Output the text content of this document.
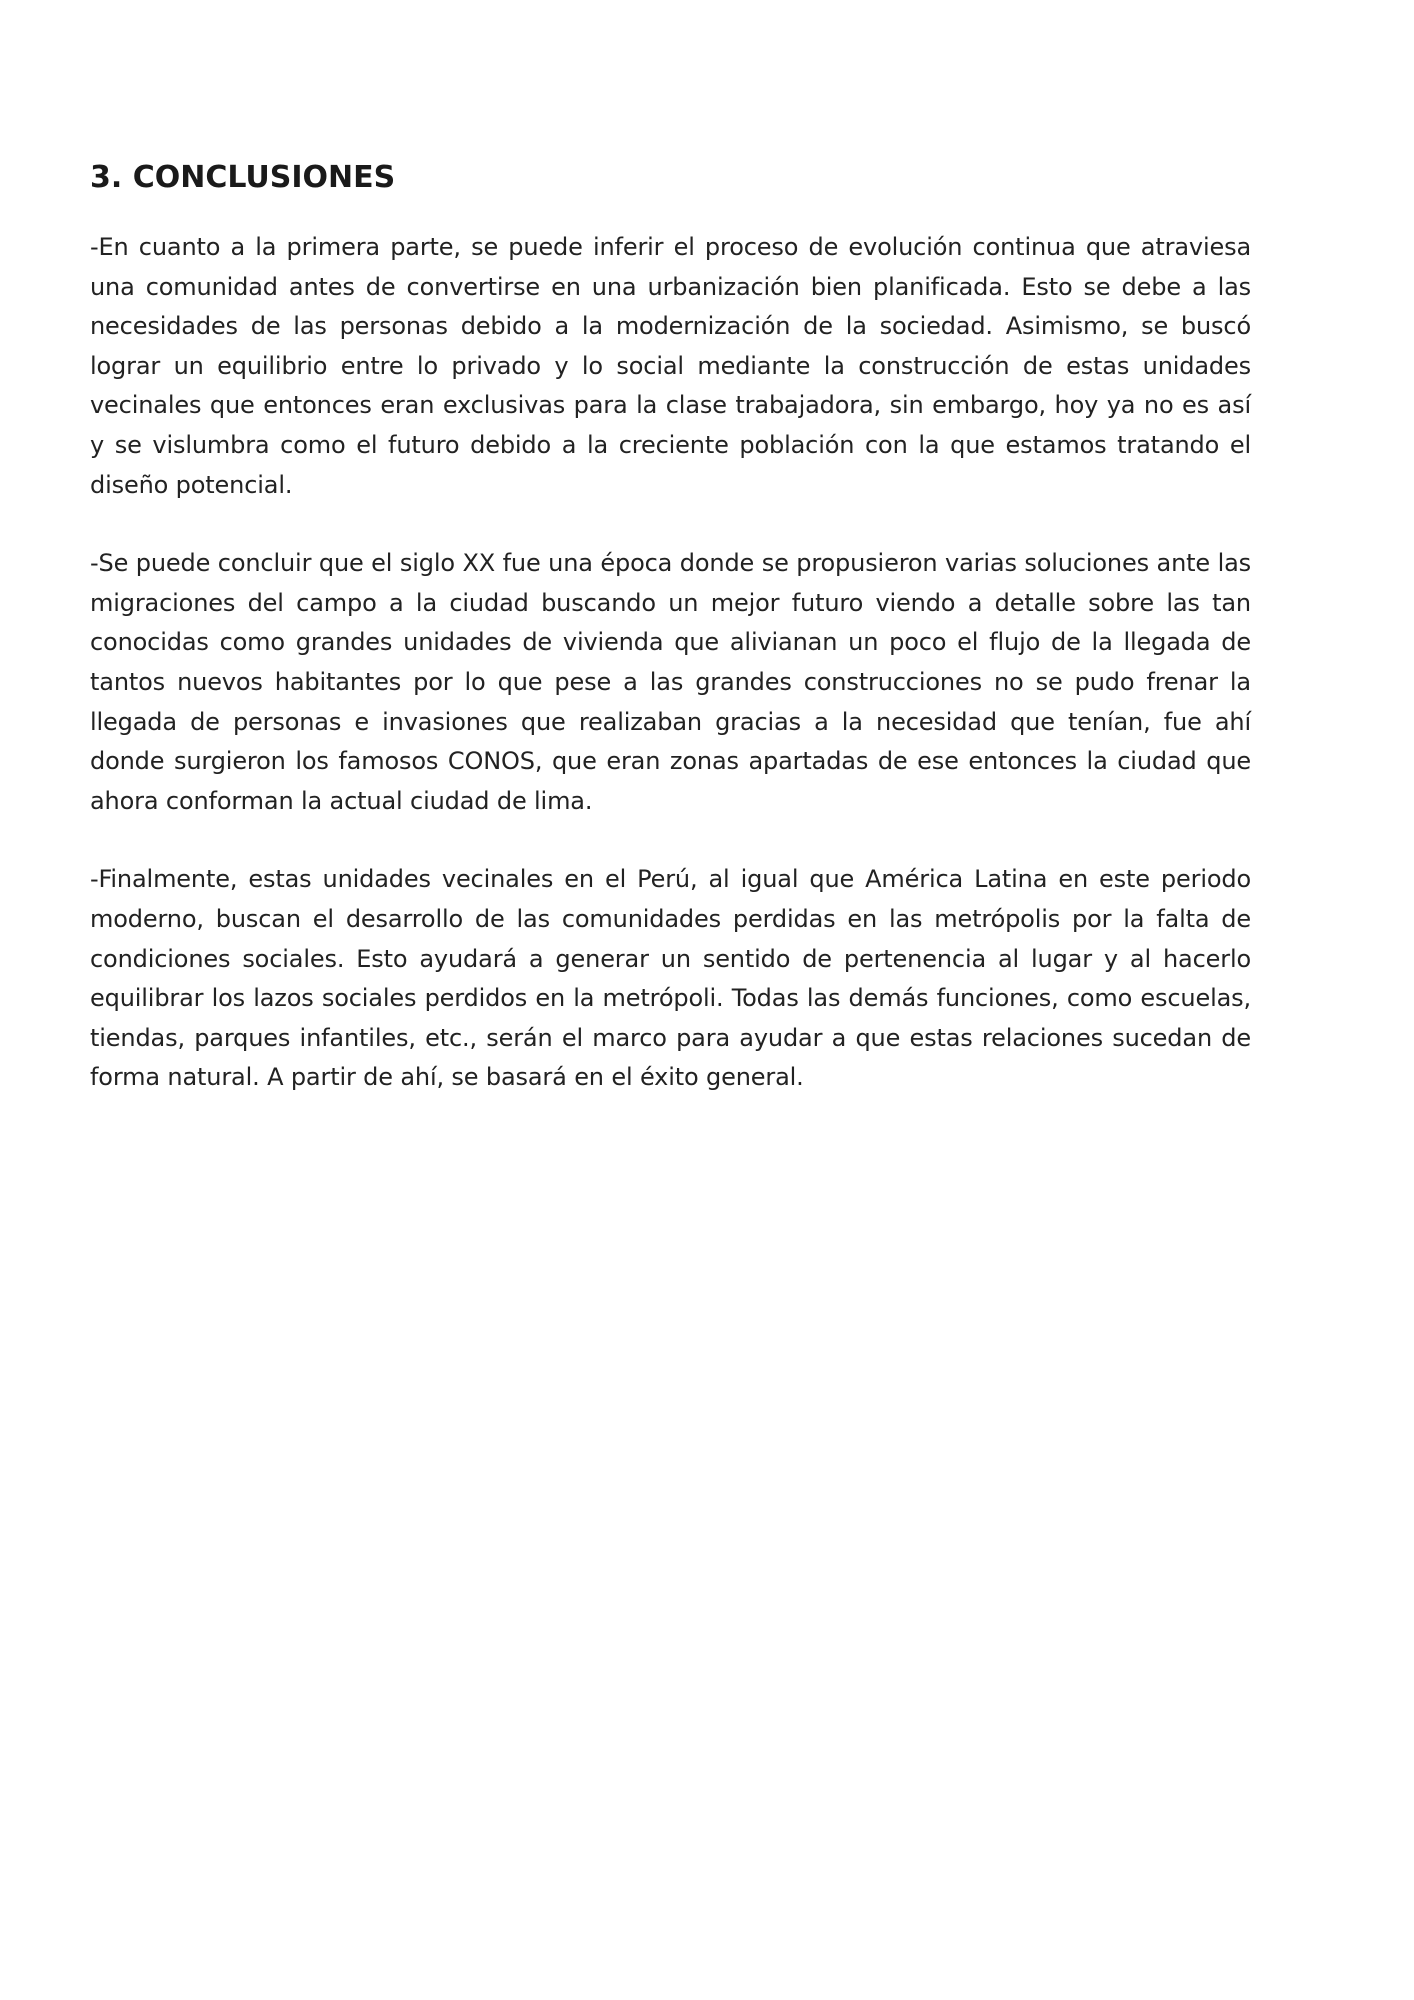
3. CONCLUSIONES

-En cuanto a la primera parte, se puede inferir el proceso de evolución continua que atraviesa una comunidad antes de convertirse en una urbanización bien planificada. Esto se debe a las necesidades de las personas debido a la modernización de la sociedad. Asimismo, se buscó lograr un equilibrio entre lo privado y lo social mediante la construcción de estas unidades vecinales que entonces eran exclusivas para la clase trabajadora, sin embargo, hoy ya no es así y se vislumbra como el futuro debido a la creciente población con la que estamos tratando el diseño potencial.

-Se puede concluir que el siglo XX fue una época donde se propusieron varias soluciones ante las migraciones del campo a la ciudad buscando un mejor futuro viendo a detalle sobre las tan conocidas como grandes unidades de vivienda que alivianan un poco el flujo de la llegada de tantos nuevos habitantes por lo que pese a las grandes construcciones no se pudo frenar la llegada de personas e invasiones que realizaban gracias a la necesidad que tenían, fue ahí donde surgieron los famosos CONOS, que eran zonas apartadas de ese entonces la ciudad que ahora conforman la actual ciudad de lima.

-Finalmente, estas unidades vecinales en el Perú, al igual que América Latina en este periodo moderno, buscan el desarrollo de las comunidades perdidas en las metrópolis por la falta de condiciones sociales. Esto ayudará a generar un sentido de pertenencia al lugar y al hacerlo equilibrar los lazos sociales perdidos en la metrópoli. Todas las demás funciones, como escuelas, tiendas, parques infantiles, etc., serán el marco para ayudar a que estas relaciones sucedan de forma natural. A partir de ahí, se basará en el éxito general.
